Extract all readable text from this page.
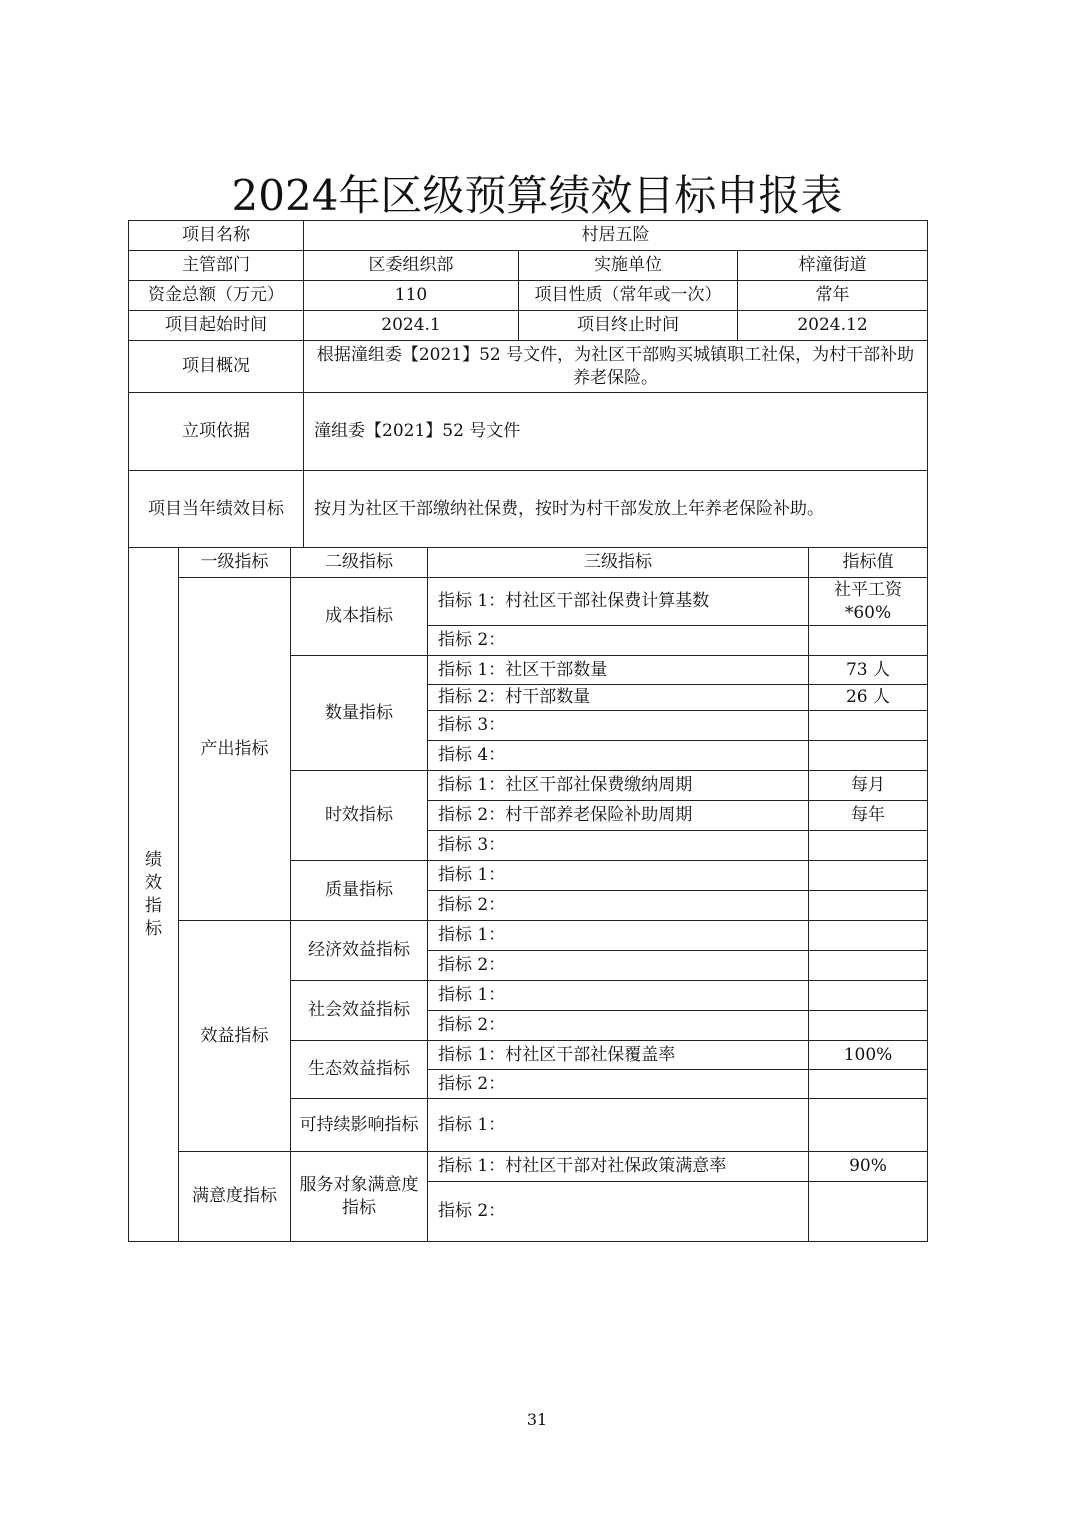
2024年区级预算绩效目标申报表
项目名称	村居五险		
主管部门	区委组织部	实施单位	梓潼街道
资金总额（万元）	110	项目性质（常年或一次）	常年
项目起始时间	2024.1	项目终止时间	2024.12
项目概况	根据潼组委【2021】52 号文件，为社区干部购买城镇职工社保，为村干部补助养老保险。		
立项依据	潼组委【2021】52 号文件		
项目当年绩效目标	按月为社区干部缴纳社保费，按时为村干部发放上年养老保险补助。		
绩效指标	一级指标	二级指标	三级指标	指标值
	产出指标	成本指标	指标 1：村社区干部社保费计算基数	社平工资*60%
			指标 2：	
		数量指标	指标 1：社区干部数量	73 人
			指标 2：村干部数量	26 人
			指标 3：	
			指标 4：	
		时效指标	指标 1：社区干部社保费缴纳周期	每月
			指标 2：村干部养老保险补助周期	每年
			指标 3：	
		质量指标	指标 1：	
			指标 2：	
	效益指标	经济效益指标	指标 1：	
			指标 2：	
		社会效益指标	指标 1：	
			指标 2：	
		生态效益指标	指标 1：村社区干部社保覆盖率	100%
			指标 2：	
		可持续影响指标	指标 1：	
	满意度指标	服务对象满意度指标	指标 1：村社区干部对社保政策满意率	90%
			指标 2：	
31
